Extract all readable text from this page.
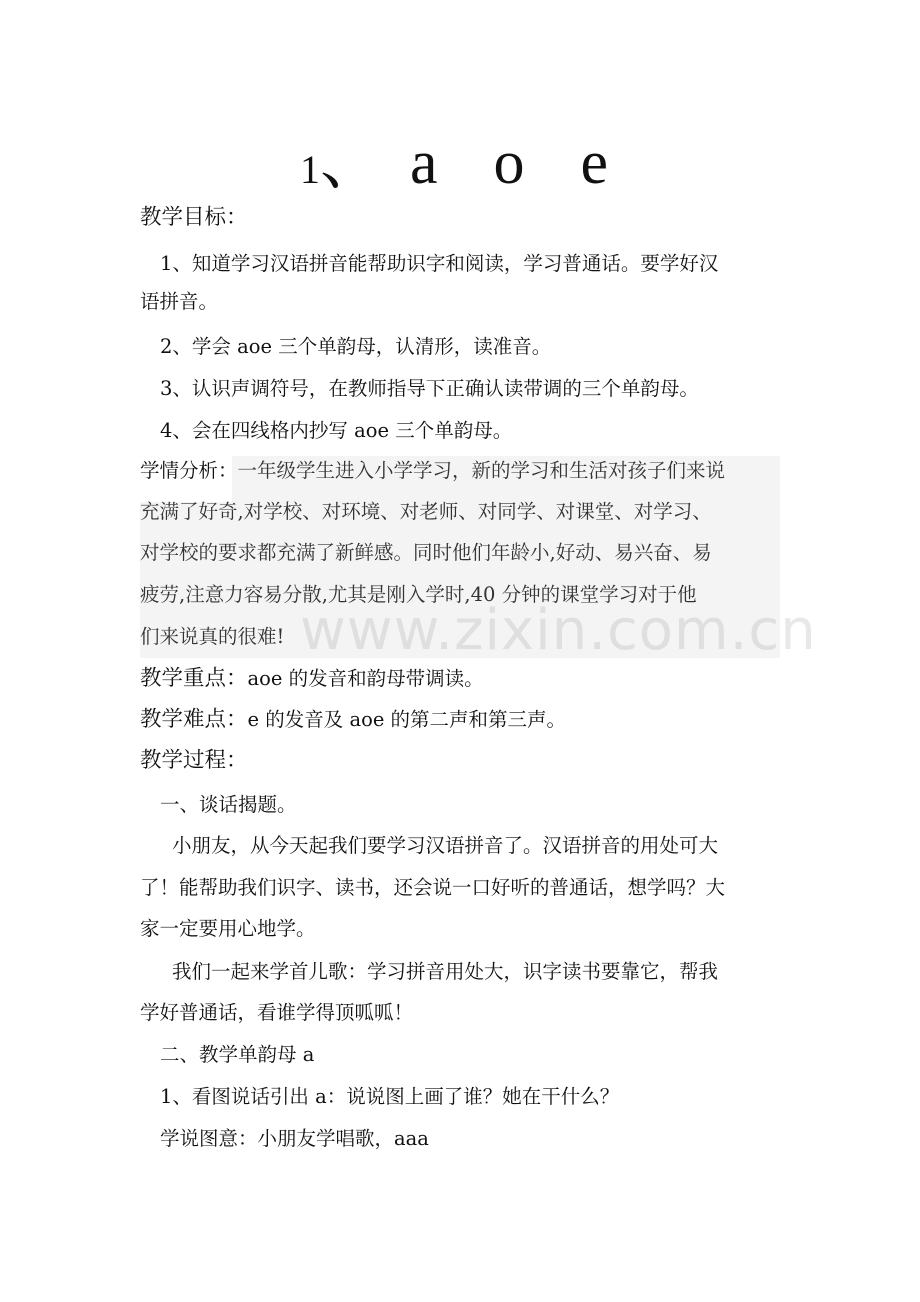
1、 a o e
教学目标：
1、知道学习汉语拼音能帮助识字和阅读，学习普通话。要学好汉
语拼音。
2、学会 aoe 三个单韵母，认清形，读准音。
3、认识声调符号，在教师指导下正确认读带调的三个单韵母。
4、会在四线格内抄写 aoe 三个单韵母。
学情分析：一年级学生进入小学学习，新的学习和生活对孩子们来说
充满了好奇,对学校、对环境、对老师、对同学、对课堂、对学习、
对学校的要求都充满了新鲜感。同时他们年龄小,好动、易兴奋、易
疲劳,注意力容易分散,尤其是刚入学时,40 分钟的课堂学习对于他
们来说真的很难! www.zixin.com.cn
教学重点：aoe 的发音和韵母带调读。
教学难点：e 的发音及 aoe 的第二声和第三声。
教学过程：
一、谈话揭题。
小朋友，从今天起我们要学习汉语拼音了。汉语拼音的用处可大
了！能帮助我们识字、读书，还会说一口好听的普通话，想学吗？大
家一定要用心地学。
我们一起来学首儿歌：学习拼音用处大，识字读书要靠它，帮我
学好普通话，看谁学得顶呱呱！
二、教学单韵母 a
1、看图说话引出 a：说说图上画了谁？她在干什么？
学说图意：小朋友学唱歌，aaa
